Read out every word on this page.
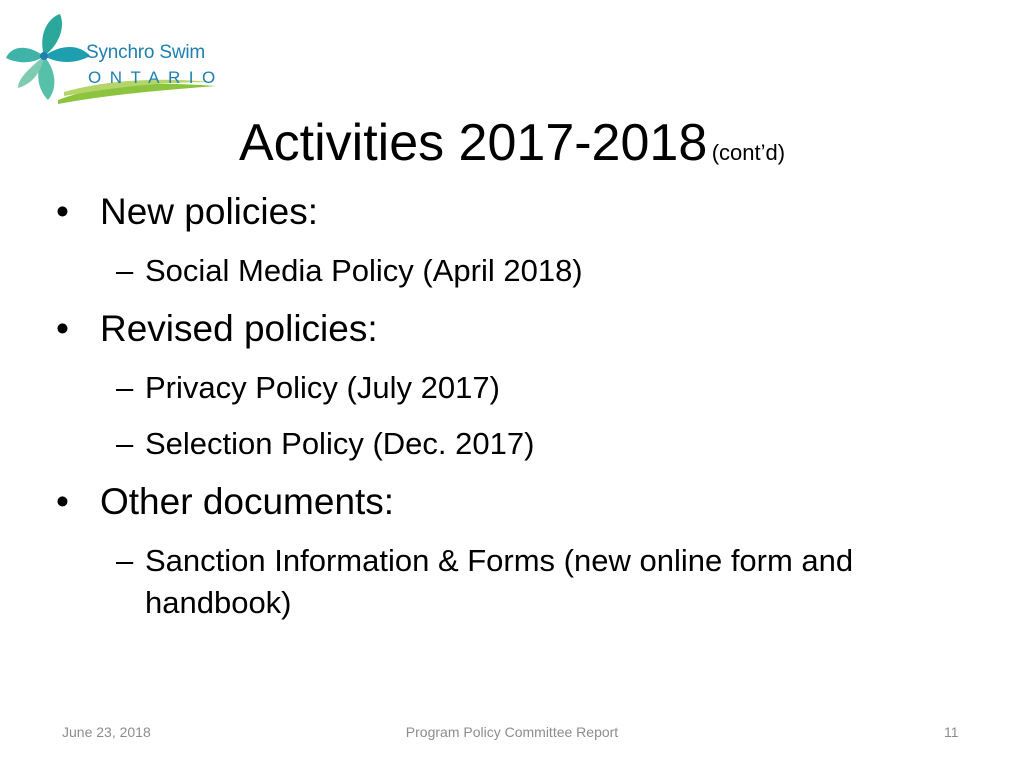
Synchro Swim
ONTARIO
Activities 2017-2018 (cont’d)
• New policies:
– Social Media Policy (April 2018)
• Revised policies:
– Privacy Policy (July 2017)
– Selection Policy (Dec. 2017)
• Other documents:
– Sanction Information & Forms (new online form and handbook)
June 23, 2018	Program Policy Committee Report	11
